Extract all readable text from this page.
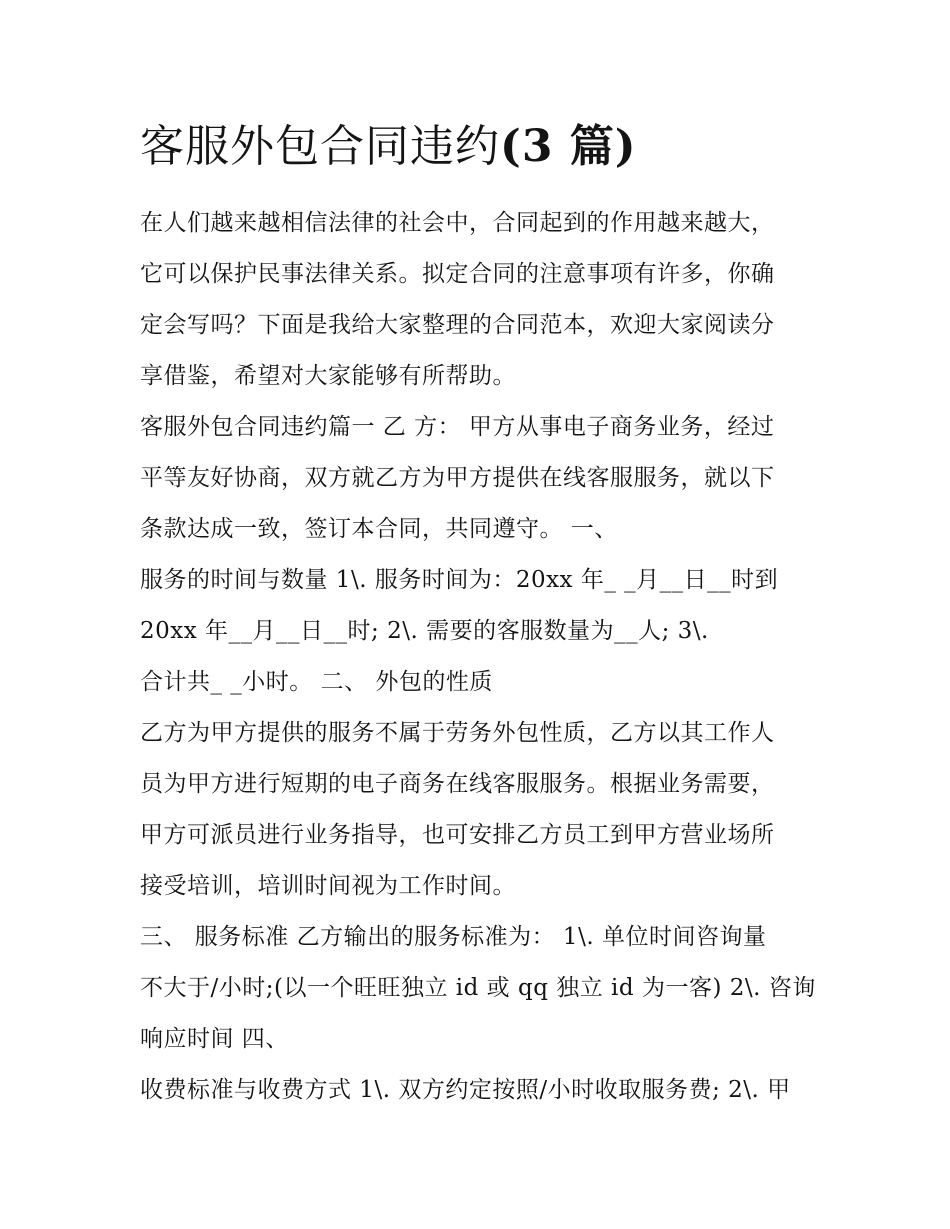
客服外包合同违约(3 篇)

在人们越来越相信法律的社会中，合同起到的作用越来越大，

它可以保护民事法律关系。拟定合同的注意事项有许多，你确

定会写吗？下面是我给大家整理的合同范本，欢迎大家阅读分

享借鉴，希望对大家能够有所帮助。

客服外包合同违约篇一 乙 方： 甲方从事电子商务业务，经过

平等友好协商，双方就乙方为甲方提供在线客服服务，就以下

条款达成一致，签订本合同，共同遵守。 一、

服务的时间与数量 1\. 服务时间为：20xx 年_ _月__日__时到

20xx 年__月__日__时; 2\. 需要的客服数量为__人; 3\.

合计共_ _小时。 二、 外包的性质

乙方为甲方提供的服务不属于劳务外包性质，乙方以其工作人

员为甲方进行短期的电子商务在线客服服务。根据业务需要，

甲方可派员进行业务指导，也可安排乙方员工到甲方营业场所

接受培训，培训时间视为工作时间。

三、 服务标准 乙方输出的服务标准为： 1\. 单位时间咨询量

不大于/小时;(以一个旺旺独立 id 或 qq 独立 id 为一客) 2\. 咨询

响应时间 四、

收费标准与收费方式 1\. 双方约定按照/小时收取服务费; 2\. 甲
